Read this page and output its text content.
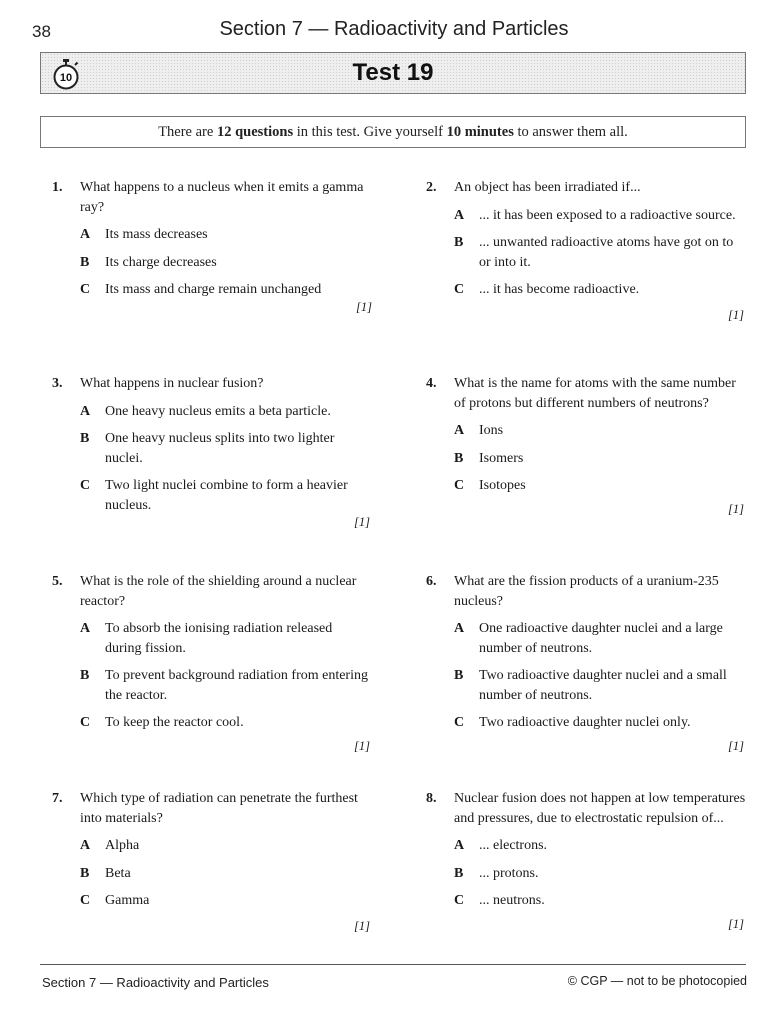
38	Section 7 — Radioactivity and Particles
10	Test 19
There are 12 questions in this test. Give yourself 10 minutes to answer them all.
1.	What happens to a nucleus when it emits a gamma ray?
A	Its mass decreases
B	Its charge decreases
C	Its mass and charge remain unchanged
[1]
2.	An object has been irradiated if...
A	... it has been exposed to a radioactive source.
B	... unwanted radioactive atoms have got on to or into it.
C	... it has become radioactive.
[1]
3.	What happens in nuclear fusion?
A	One heavy nucleus emits a beta particle.
B	One heavy nucleus splits into two lighter nuclei.
C	Two light nuclei combine to form a heavier nucleus.
[1]
4.	What is the name for atoms with the same number of protons but different numbers of neutrons?
A	Ions
B	Isomers
C	Isotopes
[1]
5.	What is the role of the shielding around a nuclear reactor?
A	To absorb the ionising radiation released during fission.
B	To prevent background radiation from entering the reactor.
C	To keep the reactor cool.
[1]
6.	What are the fission products of a uranium-235 nucleus?
A	One radioactive daughter nuclei and a large number of neutrons.
B	Two radioactive daughter nuclei and a small number of neutrons.
C	Two radioactive daughter nuclei only.
[1]
7.	Which type of radiation can penetrate the furthest into materials?
A	Alpha
B	Beta
C	Gamma
[1]
8.	Nuclear fusion does not happen at low temperatures and pressures, due to electrostatic repulsion of...
A	... electrons.
B	... protons.
C	... neutrons.
[1]
Section 7 — Radioactivity and Particles	© CGP — not to be photocopied
